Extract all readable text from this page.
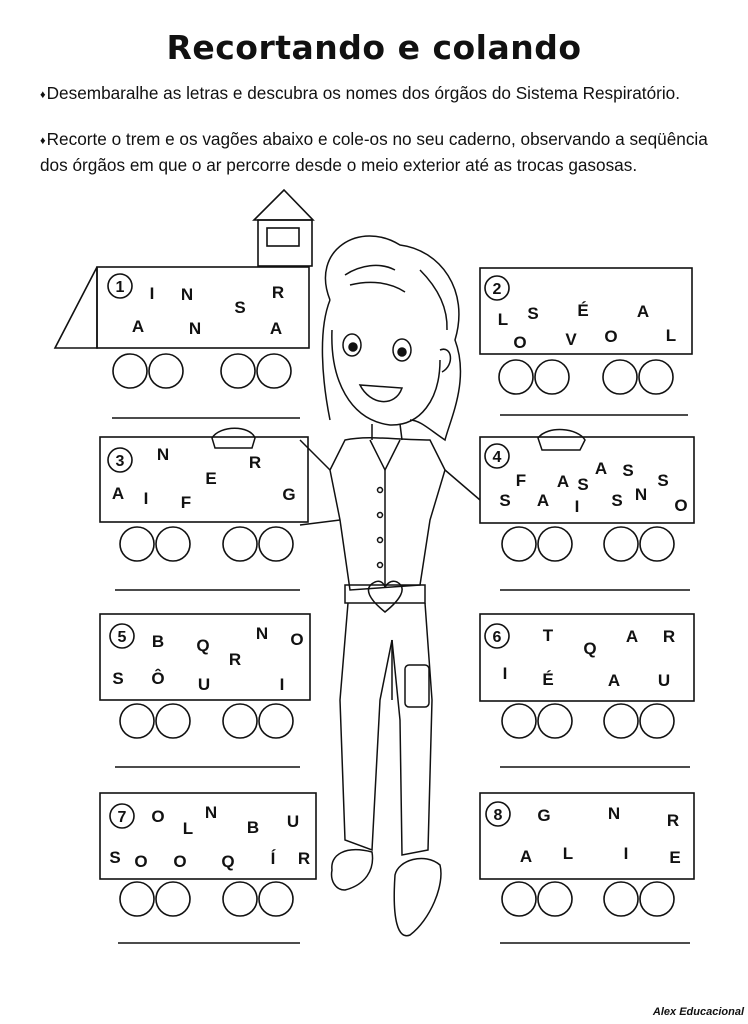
Recortando e colando
♦Desembaralhe as letras e descubra os nomes dos órgãos do Sistema Respiratório.
♦Recorte o trem e os vagões abaixo e cole-os no seu caderno, observando a seqüência dos órgãos em que o ar percorre desde o meio exterior até as trocas gasosas.
1	2
3	4
5	6
7	8
I N
S
R
A	N	A	L S É	A
O V O	L
N	R
E
A I F	G
A
S
F
A
S	S
A
S	I S N
O
B	N O
Q
R
S Ô U	I
T
Q
A R
I É	A U
O
L
N
B U
S O O Q Í R
G	N	R
A L	I E
Alex Educacional
